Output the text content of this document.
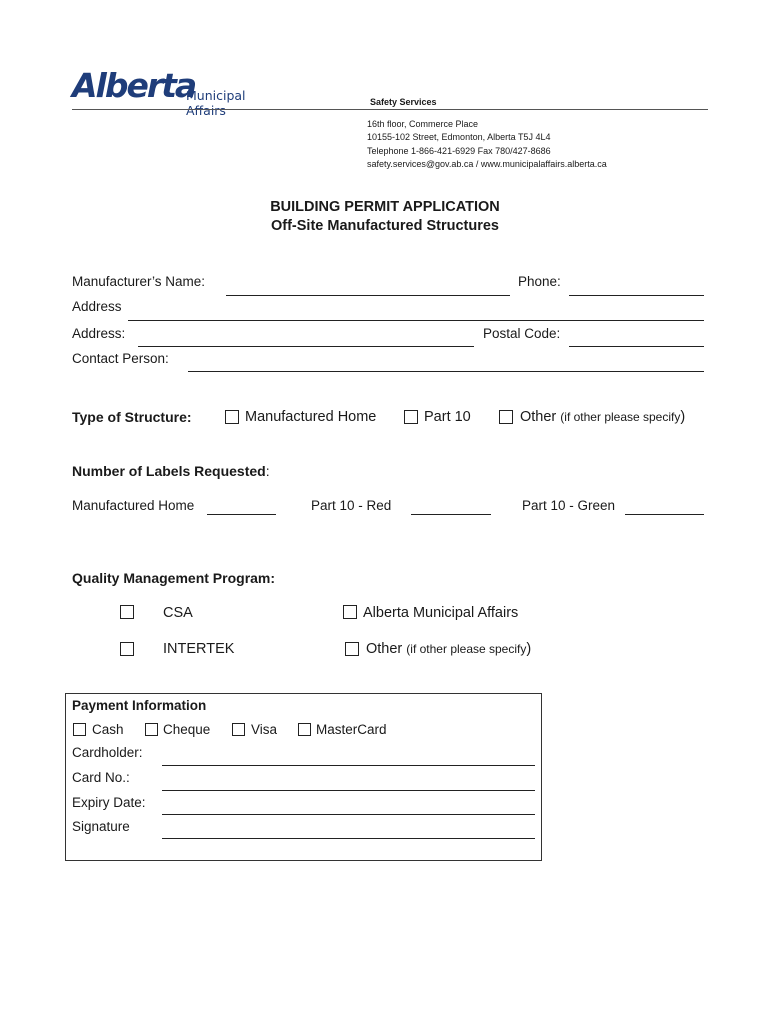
Alberta
Municipal Affairs
Safety Services
16th floor, Commerce Place
10155-102 Street, Edmonton, Alberta T5J 4L4
Telephone 1-866-421-6929 Fax 780/427-8686
safety.services@gov.ab.ca / www.municipalaffairs.alberta.ca
BUILDING PERMIT APPLICATION
Off-Site Manufactured Structures
Manufacturer’s Name:	Phone:
Address
Address:	Postal Code:
Contact Person:
Type of Structure:	Manufactured Home	Part 10	Other (if other please specify)
Number of Labels Requested:
Manufactured Home	Part 10 - Red	Part 10 - Green
Quality Management Program:
CSA	Alberta Municipal Affairs
INTERTEK	Other (if other please specify)
Payment Information
Cash	Cheque	Visa	MasterCard
Cardholder:
Card No.:
Expiry Date:
Signature
